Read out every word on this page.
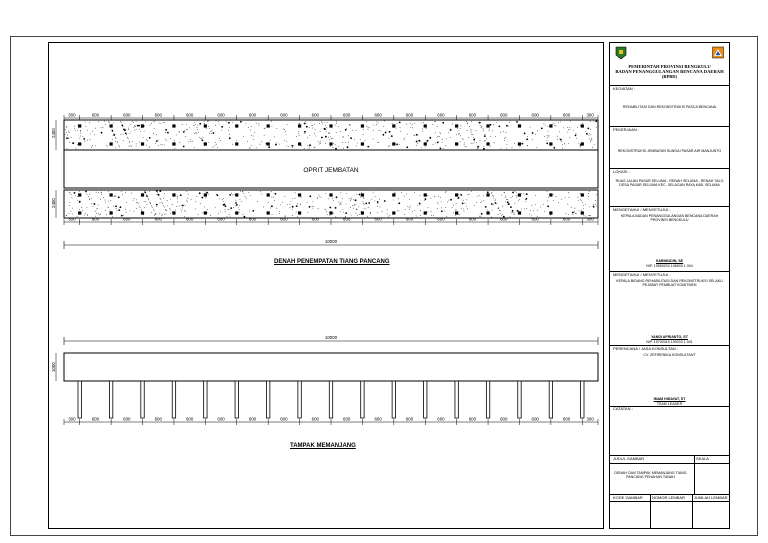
300	600	600	600	600	600	600	600	600	600	600	600	600	600	600	600	600	300
300	600	600	600	600	600	600	600	600	600	600	600	600	600	600	600	600	300
300	600	600	600	600	600	600	600	600	600	600	600	600	600	600	600	600	300
2400
2400
1000
10000
10000
OPRIT JEMBATAN
DENAH PENEMPATAN TIANG PANCANG
TAMPAK MEMANJANG
PEMERINTAH PROVINSI BENGKULU
BADAN PENANGGULANGAN BENCANA DAERAH
(BPBD)
KEGIATAN :
REHABILITASI DAN REKONSTRUKSI PASCA BENCANA
PEKERJAAN :
REKONSTRUKSI JEMBATAN SUNGAI PASAR AIR MANJUNTO
LOKASI :
RUAS JALAN PASAR SELUMA - RENAH SELUMA - RENAH TALO DESA PASAR SELUMA KEC. SELAGAN RAYA KAB. SELUMA
MENGETAHUI / MENYETUJUI :
KEPALA BADAN PENANGGULANGAN BENCANA DAERAH PROVINSI BENGKULU
SARIMUDIN, SE
NIP. 19650204 198903 1 004
MENGETAHUI / MENYETUJUI :
KEPALA BIDANG REHABILITASI DAN REKONSTRUKSI SELAKU PEJABAT PEMBUAT KOMITMEN
YANDI AFRIANTO, ST
NIP. 19700410 199203 1 001
PERENCANA / JASA KONSULTAN :
CV. ZEFIRENIKA KONSULTANT
IMAM HIDAYAT, ST
TEAM LEADER
CATATAN :
JUDUL GAMBAR	SKALA
DENAH DAN TAMPAK MEMANJANG TIANG PANCANG PENAHAN TANAH
KODE GAMBAR NOMOR LEMBAR JUMLAH LEMBAR
